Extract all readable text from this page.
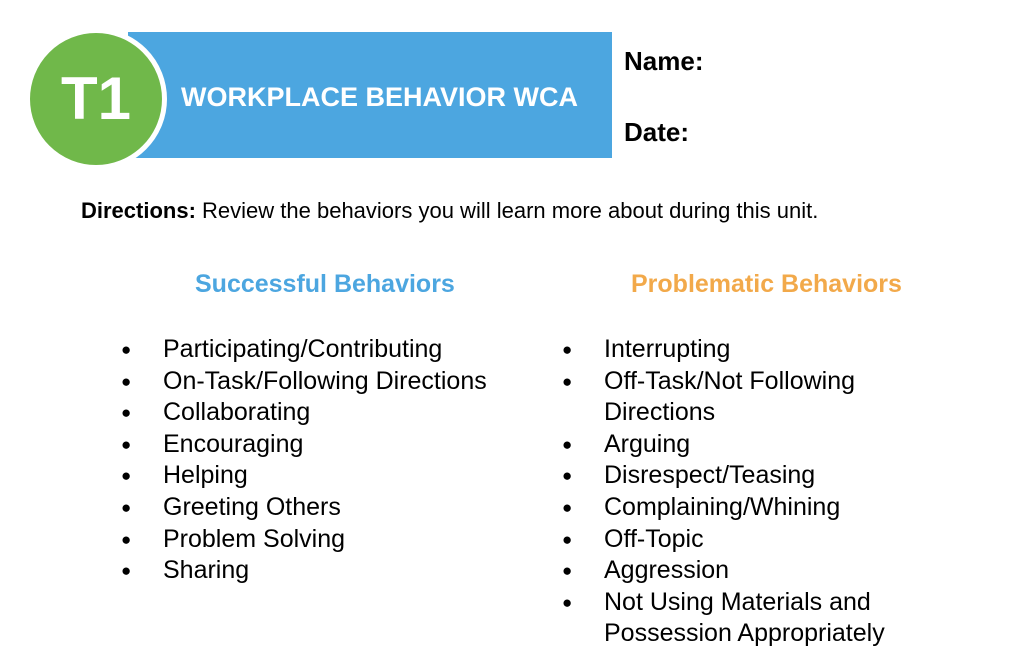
WORKPLACE BEHAVIOR WCA
T1
Name:
Date:
Directions: Review the behaviors you will learn more about during this unit.
Successful Behaviors	Problematic Behaviors
● Participating/Contributing
● On-Task/Following Directions
● Collaborating
● Encouraging
● Helping
● Greeting Others
● Problem Solving
● Sharing
● Interrupting
● Off-Task/Not Following Directions
● Arguing
● Disrespect/Teasing
● Complaining/Whining
● Off-Topic
● Aggression
● Not Using Materials and Possession Appropriately
